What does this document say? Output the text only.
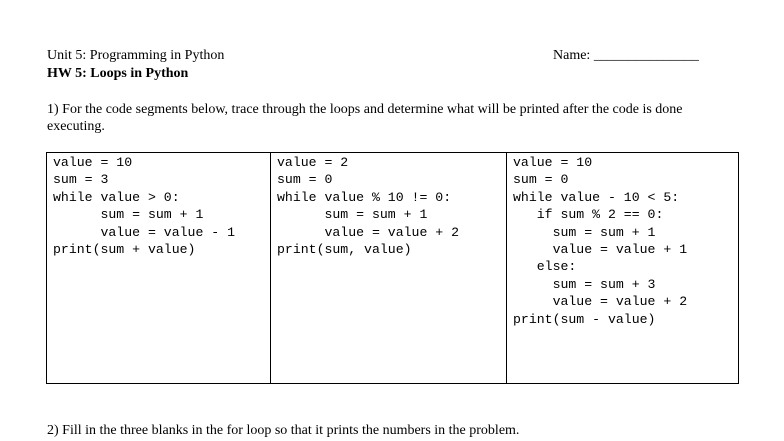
Unit 5: Programming in Python
HW 5: Loops in Python
Name: _______________
1) For the code segments below, trace through the loops and determine what will be printed after the code is done executing.
value = 10
sum = 3
while value > 0:
sum = sum + 1
value = value - 1
print(sum + value)

value = 2
sum = 0
while value % 10 != 0:
sum = sum + 1
value = value + 2
print(sum, value)

value = 10
sum = 0
while value - 10 < 5:
if sum % 2 == 0:
sum = sum + 1
value = value + 1
else:
sum = sum + 3
value = value + 2
print(sum - value)
2) Fill in the three blanks in the for loop so that it prints the numbers in the problem.
